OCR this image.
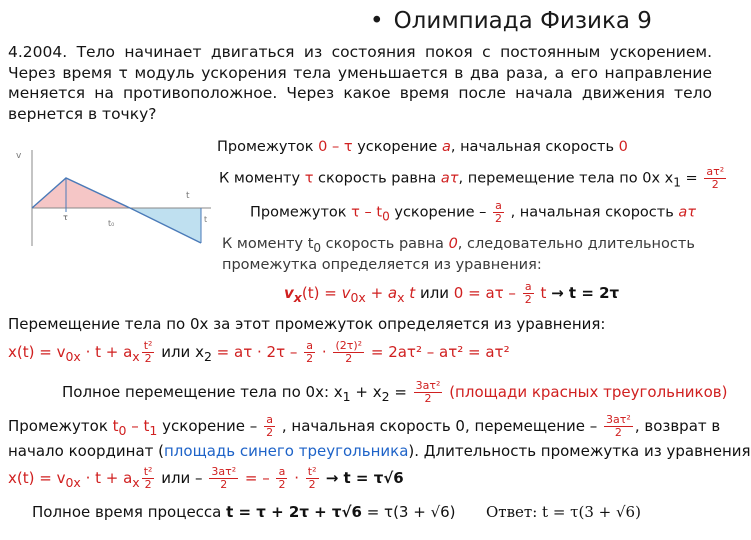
• Олимпиада Физика 9
4.2004. Тело начинает двигаться из состояния покоя с постоянным ускорением. Через время τ модуль ускорения тела уменьшается в два раза, а его направление меняется на противоположное. Через какое время после начала движения тело вернется в точку?
v
t
τ
t₀	t
Промежуток 0 – τ ускорение a, начальная скорость 0
К моменту τ скорость равна aτ, перемещение тела по 0x $x_1 = \frac{\text{aτ²}}{2}$
Промежуток τ – $t_0$ ускорение – $\frac{a}{2}$ , начальная скорость aτ
К моменту $t_0$ скорость равна 0, следовательно длительность
промежутка определяется из уравнения:
$v_x(t) = v_{0x} + a_x$ t или $0 = a\tau - \frac{a}{2}$ t → t = 2τ
Перемещение тела по 0x за этот промежуток определяется из уравнения:
$x(t) = v_{0x} \cdot t + a_x \frac{\text{t²}}{2}$ или $x_2 = a\tau \cdot 2\tau - \frac{a}{2} \cdot \frac{\text{(2τ)²}}{2} = 2a\tau^2 - a\tau^2 = a\tau^2$
Полное перемещение тела по 0x: $x_1 + x_2 = \frac{\text{3aτ²}}{2}$ (площади красных треугольников)
Промежуток $t_0 - t_1$ ускорение – $\frac{a}{2}$ , начальная скорость 0, перемещение – $\frac{\text{3aτ²}}{2}$ , возврат в
начало координат (площадь синего треугольника). Длительность промежутка из уравнения
$x(t) = v_{0x} \cdot t + a_x \frac{\text{t²}}{2}$ или – $\frac{\text{3aτ²}}{2}$ = – $\frac{a}{2} \cdot \frac{\text{t²}}{2} \to t = \tau√6$
Полное время процесса t = τ + 2τ + τ√6 = τ(3 + √6) Ответ: t = τ(3 + √6)
